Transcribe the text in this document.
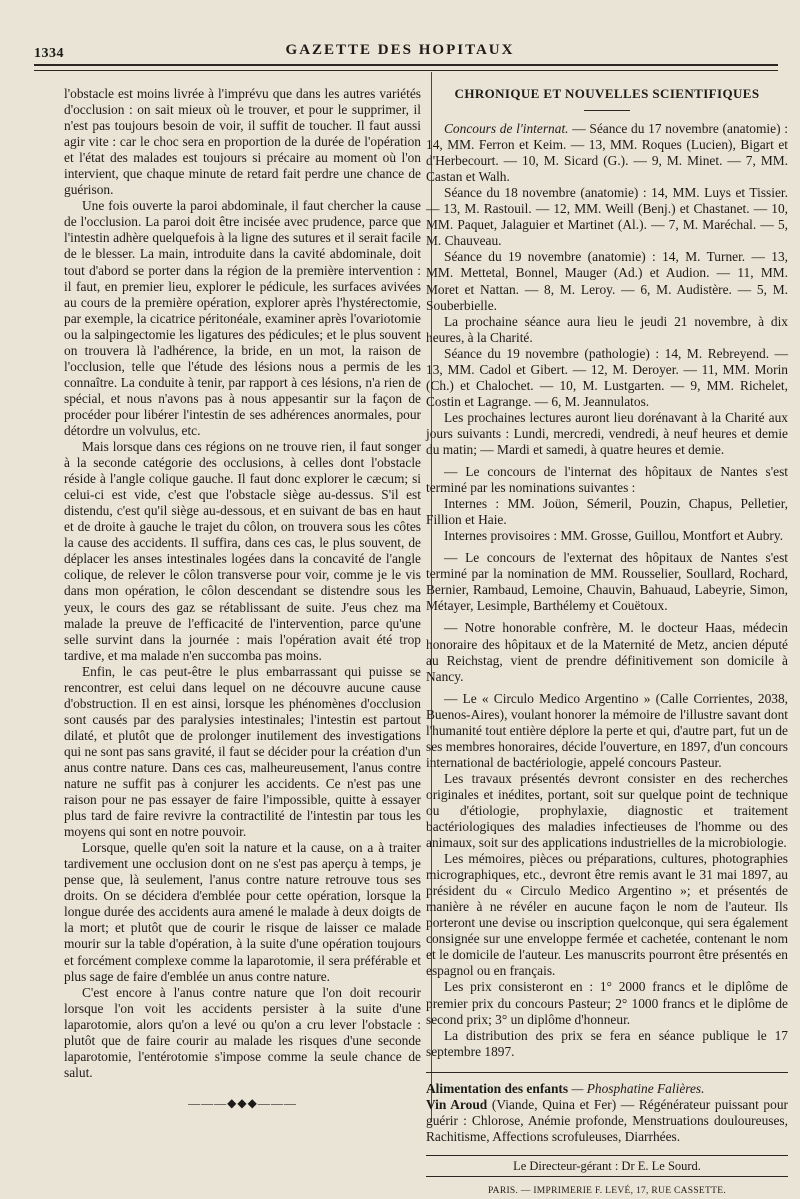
1334	GAZETTE DES HOPITAUX

l'obstacle est moins livrée à l'imprévu que dans les autres variétés d'occlusion : on sait mieux où le trouver, et pour le supprimer, il n'est pas toujours besoin de voir, il suffit de toucher. Il faut aussi agir vite : car le choc sera en proportion de la durée de l'opération et l'état des malades est toujours si précaire au moment où l'on intervient, que chaque minute de retard fait perdre une chance de guérison.

Une fois ouverte la paroi abdominale, il faut chercher la cause de l'occlusion. La paroi doit être incisée avec prudence, parce que l'intestin adhère quelquefois à la ligne des sutures et il serait facile de le blesser. La main, introduite dans la cavité abdominale, doit tout d'abord se porter dans la région de la première intervention : il faut, en premier lieu, explorer le pédicule, les surfaces avivées au cours de la première opération, explorer après l'hystérectomie, par exemple, la cicatrice péritonéale, examiner après l'ovariotomie ou la salpingectomie les ligatures des pédicules; et le plus souvent on trouvera là l'adhérence, la bride, en un mot, la raison de l'occlusion, telle que l'étude des lésions nous a permis de les connaître. La conduite à tenir, par rapport à ces lésions, n'a rien de spécial, et nous n'avons pas à nous appesantir sur la façon de procéder pour libérer l'intestin de ses adhérences anormales, pour détordre un volvulus, etc.

Mais lorsque dans ces régions on ne trouve rien, il faut songer à la seconde catégorie des occlusions, à celles dont l'obstacle réside à l'angle colique gauche. Il faut donc explorer le cæcum; si celui-ci est vide, c'est que l'obstacle siège au-dessus. S'il est distendu, c'est qu'il siège au-dessous, et en suivant de bas en haut et de droite à gauche le trajet du côlon, on trouvera sous les côtes la cause des accidents. Il suffira, dans ces cas, le plus souvent, de déplacer les anses intestinales logées dans la concavité de l'angle colique, de relever le côlon transverse pour voir, comme je le vis dans mon opération, le côlon descendant se distendre sous les yeux, le cours des gaz se rétablissant de suite. J'eus chez ma malade la preuve de l'efficacité de l'intervention, parce qu'une selle survint dans la journée : mais l'opération avait été trop tardive, et ma malade n'en succomba pas moins.

Enfin, le cas peut-être le plus embarrassant qui puisse se rencontrer, est celui dans lequel on ne découvre aucune cause d'obstruction. Il en est ainsi, lorsque les phénomènes d'occlusion sont causés par des paralysies intestinales; l'intestin est partout dilaté, et plutôt que de prolonger inutilement des investigations qui ne sont pas sans gravité, il faut se décider pour la création d'un anus contre nature. Dans ces cas, malheureusement, l'anus contre nature ne suffit pas à conjurer les accidents. Ce n'est pas une raison pour ne pas essayer de faire l'impossible, quitte à essayer plus tard de faire revivre la contractilité de l'intestin par tous les moyens qui sont en notre pouvoir.

Lorsque, quelle qu'en soit la nature et la cause, on a à traiter tardivement une occlusion dont on ne s'est pas aperçu à temps, je pense que, là seulement, l'anus contre nature retrouve tous ses droits. On se décidera d'emblée pour cette opération, lorsque la longue durée des accidents aura amené le malade à deux doigts de la mort; et plutôt que de courir le risque de laisser ce malade mourir sur la table d'opération, à la suite d'une opération toujours et forcément complexe comme la laparotomie, il sera préférable et plus sage de faire d'emblée un anus contre nature.

C'est encore à l'anus contre nature que l'on doit recourir lorsque l'on voit les accidents persister à la suite d'une laparotomie, alors qu'on a levé ou qu'on a cru lever l'obstacle : plutôt que de faire courir au malade les risques d'une seconde laparotomie, l'entérotomie s'impose comme la seule chance de salut.

———◆◆◆———
CHRONIQUE ET NOUVELLES SCIENTIFIQUES

Concours de l'internat. — Séance du 17 novembre (anatomie) : 14, MM. Ferron et Keim. — 13, MM. Roques (Lucien), Bigart et d'Herbecourt. — 10, M. Sicard (G.). — 9, M. Minet. — 7, MM. Castan et Walh.

Séance du 18 novembre (anatomie) : 14, MM. Luys et Tissier. — 13, M. Rastouil. — 12, MM. Weill (Benj.) et Chastanet. — 10, MM. Paquet, Jalaguier et Martinet (Al.). — 7, M. Maréchal. — 5, M. Chauveau.

Séance du 19 novembre (anatomie) : 14, M. Turner. — 13, MM. Mettetal, Bonnel, Mauger (Ad.) et Audion. — 11, MM. Moret et Nattan. — 8, M. Leroy. — 6, M. Audistère. — 5, M. Souberbielle.

La prochaine séance aura lieu le jeudi 21 novembre, à dix heures, à la Charité.

Séance du 19 novembre (pathologie) : 14, M. Rebreyend. — 13, MM. Cadol et Gibert. — 12, M. Deroyer. — 11, MM. Morin (Ch.) et Chalochet. — 10, M. Lustgarten. — 9, MM. Richelet, Costin et Lagrange. — 6, M. Jeannulatos.

Les prochaines lectures auront lieu dorénavant à la Charité aux jours suivants : Lundi, mercredi, vendredi, à neuf heures et demie du matin; — Mardi et samedi, à quatre heures et demie.

— Le concours de l'internat des hôpitaux de Nantes s'est terminé par les nominations suivantes :

Internes : MM. Joüon, Sémeril, Pouzin, Chapus, Pelletier, Fillion et Haie.

Internes provisoires : MM. Grosse, Guillou, Montfort et Aubry.

— Le concours de l'externat des hôpitaux de Nantes s'est terminé par la nomination de MM. Rousselier, Soullard, Rochard, Bernier, Rambaud, Lemoine, Chauvin, Bahuaud, Labeyrie, Simon, Métayer, Lesimple, Barthélemy et Couëtoux.

— Notre honorable confrère, M. le docteur Haas, médecin honoraire des hôpitaux et de la Maternité de Metz, ancien député au Reichstag, vient de prendre définitivement son domicile à Nancy.

— Le « Circulo Medico Argentino » (Calle Corrientes, 2038, Buenos-Aires), voulant honorer la mémoire de l'illustre savant dont l'humanité tout entière déplore la perte et qui, d'autre part, fut un de ses membres honoraires, décide l'ouverture, en 1897, d'un concours international de bactériologie, appelé concours Pasteur.

Les travaux présentés devront consister en des recherches originales et inédites, portant, soit sur quelque point de technique ou d'étiologie, prophylaxie, diagnostic et traitement bactériologiques des maladies infectieuses de l'homme ou des animaux, soit sur des applications industrielles de la microbiologie.

Les mémoires, pièces ou préparations, cultures, photographies micrographiques, etc., devront être remis avant le 31 mai 1897, au président du « Circulo Medico Argentino »; et présentés de manière à ne révéler en aucune façon le nom de l'auteur. Ils porteront une devise ou inscription quelconque, qui sera également consignée sur une enveloppe fermée et cachetée, contenant le nom et le domicile de l'auteur. Les manuscrits pourront être présentés en espagnol ou en français.

Les prix consisteront en : 1° 2000 francs et le diplôme de premier prix du concours Pasteur; 2° 1000 francs et le diplôme de second prix; 3° un diplôme d'honneur.

La distribution des prix se fera en séance publique le 17 septembre 1897.

Alimentation des enfants — Phosphatine Falières.

Vin Aroud (Viande, Quina et Fer) — Régénérateur puissant pour guérir : Chlorose, Anémie profonde, Menstruations douloureuses, Rachitisme, Affections scrofuleuses, Diarrhées.

Le Directeur-gérant : Dr E. Le Sourd.
PARIS. — IMPRIMERIE F. LEVÉ, 17, RUE CASSETTE.
